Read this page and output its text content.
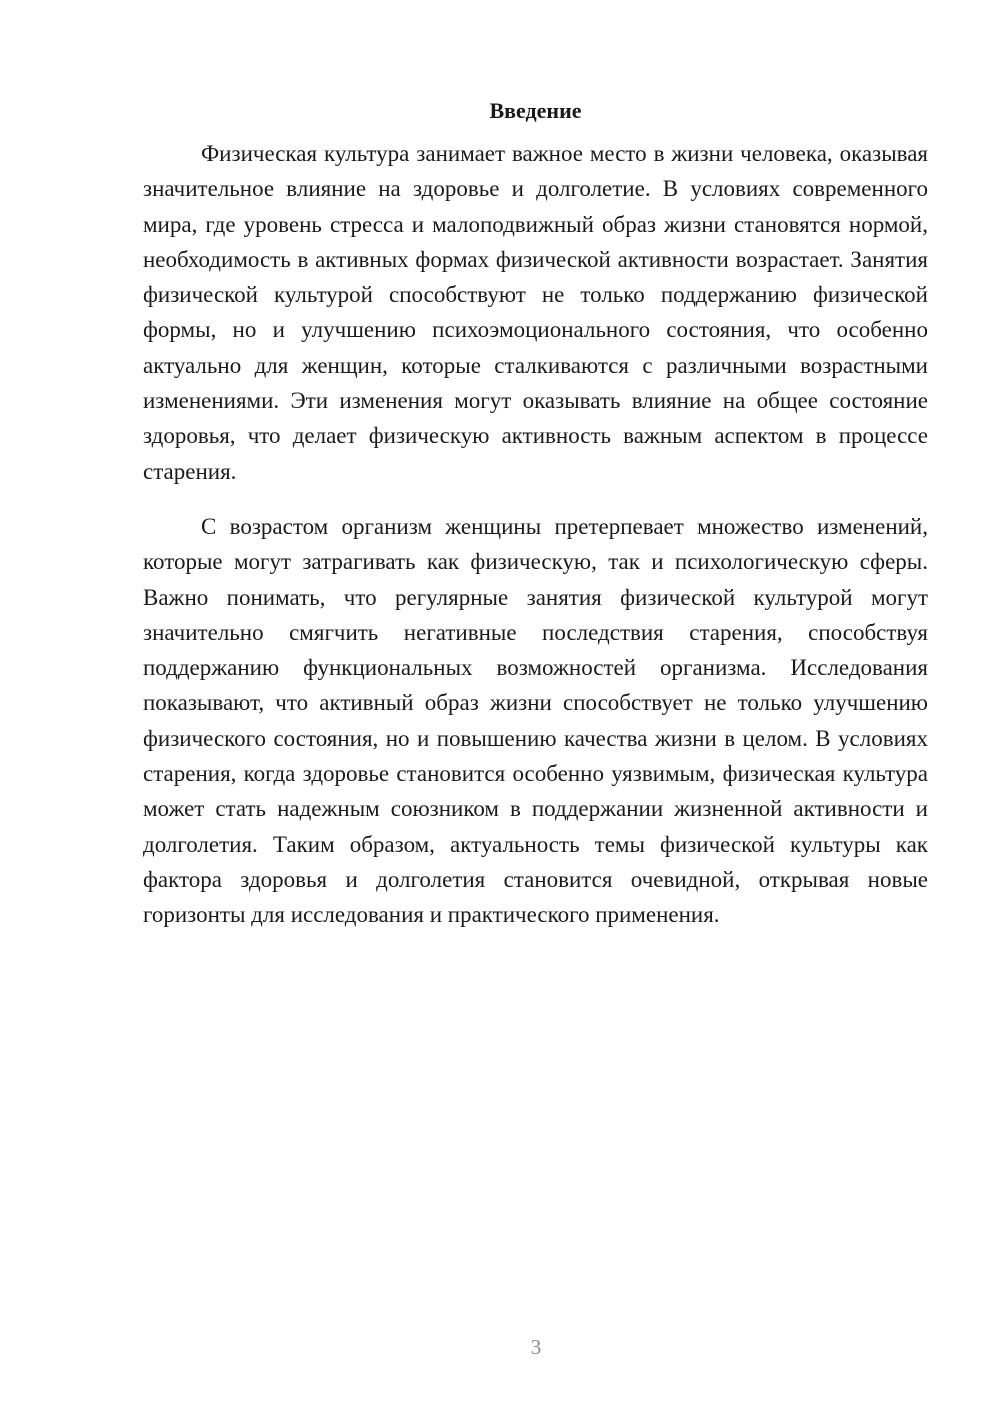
Введение

Физическая культура занимает важное место в жизни человека, оказывая значительное влияние на здоровье и долголетие. В условиях современного мира, где уровень стресса и малоподвижный образ жизни становятся нормой, необходимость в активных формах физической активности возрастает. Занятия физической культурой способствуют не только поддержанию физической формы, но и улучшению психоэмоционального состояния, что особенно актуально для женщин, которые сталкиваются с различными возрастными изменениями. Эти изменения могут оказывать влияние на общее состояние здоровья, что делает физическую активность важным аспектом в процессе старения.

С возрастом организм женщины претерпевает множество изменений, которые могут затрагивать как физическую, так и психологическую сферы. Важно понимать, что регулярные занятия физической культурой могут значительно смягчить негативные последствия старения, способствуя поддержанию функциональных возможностей организма. Исследования показывают, что активный образ жизни способствует не только улучшению физического состояния, но и повышению качества жизни в целом. В условиях старения, когда здоровье становится особенно уязвимым, физическая культура может стать надежным союзником в поддержании жизненной активности и долголетия. Таким образом, актуальность темы физической культуры как фактора здоровья и долголетия становится очевидной, открывая новые горизонты для исследования и практического применения.

3
